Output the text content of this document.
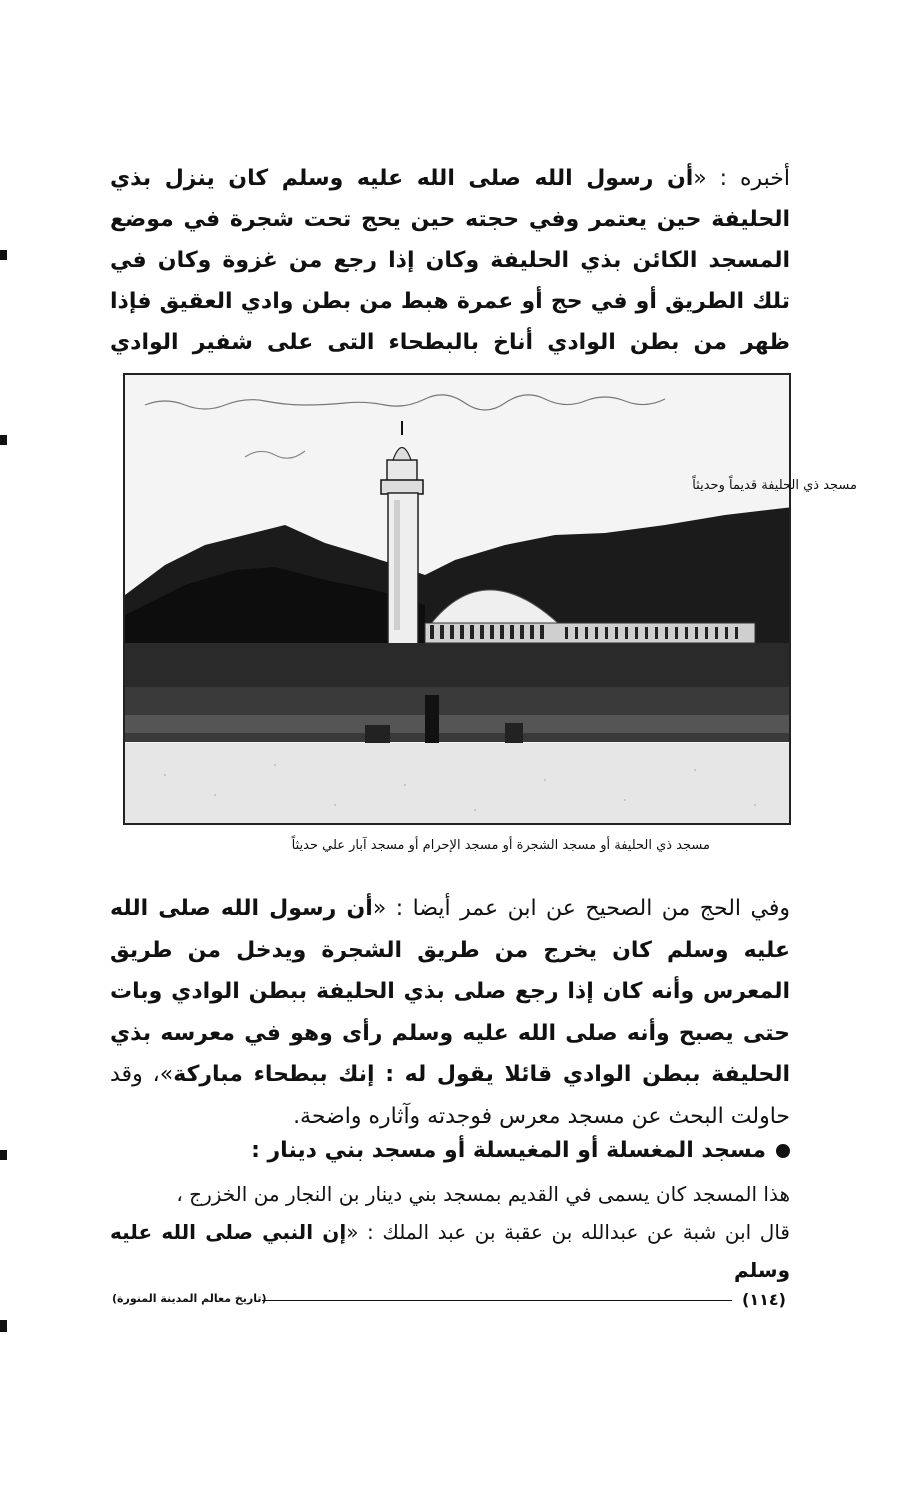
أخبره : «أن رسول الله صلى الله عليه وسلم كان ينزل بذي الحليفة حين يعتمر وفي حجته حين يحج تحت شجرة في موضع المسجد الكائن بذي الحليفة وكان إذا رجع من غزوة وكان في تلك الطريق أو في حج أو عمرة هبط من بطن وادي العقيق فإذا ظهر من بطن الوادي أناخ بالبطحاء التى على شفير الوادي

مسجد ذي الحليفة قديماً وحديثاً
مسجد ذي الحليفة أو مسجد الشجرة أو مسجد الإحرام أو مسجد آبار علي حديثاً

وفي الحج من الصحيح عن ابن عمر أيضا : «أن رسول الله صلى الله عليه وسلم كان يخرج من طريق الشجرة ويدخل من طريق المعرس وأنه كان إذا رجع صلى بذي الحليفة ببطن الوادي وبات حتى يصبح وأنه صلى الله عليه وسلم رأى وهو في معرسه بذي الحليفة ببطن الوادي قائلا يقول له : إنك ببطحاء مباركة»، وقد حاولت البحث عن مسجد معرس فوجدته وآثاره واضحة.

مسجد المغسلة أو المغيسلة أو مسجد بني دينار :

هذا المسجد كان يسمى في القديم بمسجد بني دينار بن النجار من الخزرج ،
قال ابن شبة عن عبدالله بن عقبة بن عبد الملك : «إن النبي صلى الله عليه وسلم

(١١٤)
(تاريخ معالم المدينة المنورة)
